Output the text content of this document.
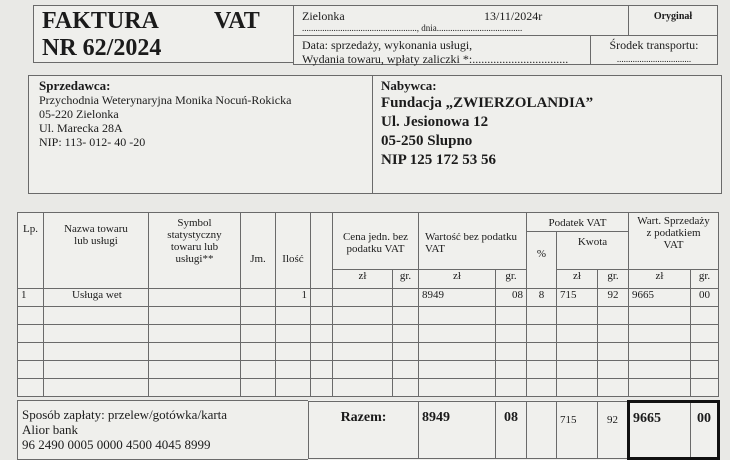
FAKTURA VAT
NR 62/2024
Zielonka	13/11/2024r
..................................................., dnia......................................
Oryginał
Data: sprzedaży, wykonania usługi,
Wydania towaru, wpłaty zaliczki *:................................
Środek transportu:
.................................
Sprzedawca:
Przychodnia Weterynaryjna Monika Nocuń-Rokicka
05-220 Zielonka
Ul. Marecka 28A
NIP: 113- 012- 40 -20
Nabywca:
Fundacja „ZWIERZOLANDIA”
Ul. Jesionowa 12
05-250 Slupno
NIP 125 172 53 56
Lp.	Nazwa towaru lub usługi	Symbol statystyczny towaru lub usługi**	Jm.	Ilość		Cena jedn. bez podatku VAT		Wartość bez podatku VAT		Podatek VAT			Wart. Sprzedaży z podatkiem VAT	
										%	Kwota			
						zł	gr.	zł	gr.		zł	gr.	zł	gr.
1	Usługa wet			1				8949	08	8	715	92	9665	00

Sposób zapłaty: przelew/gotówka/karta
Alior bank
96 2490 0005 0000 4500 4045 8999
Razem:	8949	08		715	92	9665	00
